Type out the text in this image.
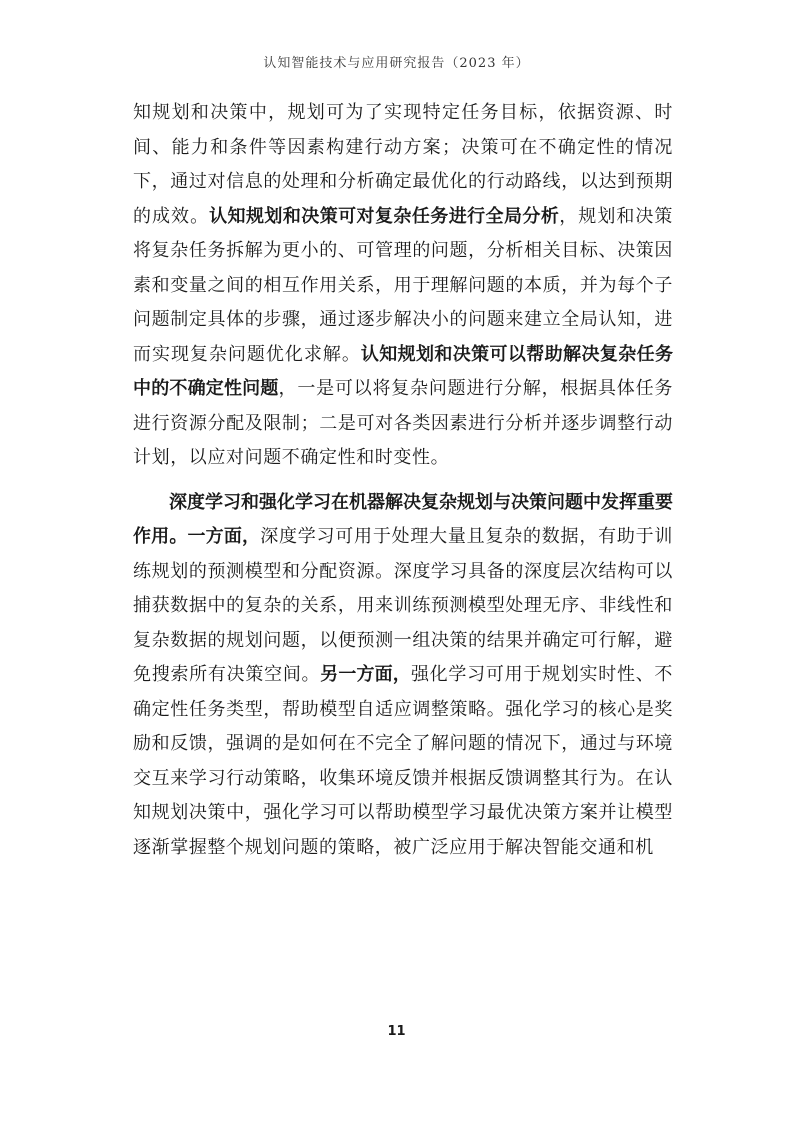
认知智能技术与应用研究报告（2023 年）

知规划和决策中，规划可为了实现特定任务目标，依据资源、时间、能力和条件等因素构建行动方案；决策可在不确定性的情况下，通过对信息的处理和分析确定最优化的行动路线，以达到预期的成效。认知规划和决策可对复杂任务进行全局分析，规划和决策将复杂任务拆解为更小的、可管理的问题，分析相关目标、决策因素和变量之间的相互作用关系，用于理解问题的本质，并为每个子问题制定具体的步骤，通过逐步解决小的问题来建立全局认知，进而实现复杂问题优化求解。认知规划和决策可以帮助解决复杂任务中的不确定性问题，一是可以将复杂问题进行分解，根据具体任务进行资源分配及限制；二是可对各类因素进行分析并逐步调整行动计划，以应对问题不确定性和时变性。

深度学习和强化学习在机器解决复杂规划与决策问题中发挥重要作用。一方面，深度学习可用于处理大量且复杂的数据，有助于训练规划的预测模型和分配资源。深度学习具备的深度层次结构可以捕获数据中的复杂的关系，用来训练预测模型处理无序、非线性和复杂数据的规划问题，以便预测一组决策的结果并确定可行解，避免搜索所有决策空间。另一方面，强化学习可用于规划实时性、不确定性任务类型，帮助模型自适应调整策略。强化学习的核心是奖励和反馈，强调的是如何在不完全了解问题的情况下，通过与环境交互来学习行动策略，收集环境反馈并根据反馈调整其行为。在认知规划决策中，强化学习可以帮助模型学习最优决策方案并让模型逐渐掌握整个规划问题的策略，被广泛应用于解决智能交通和机

11
